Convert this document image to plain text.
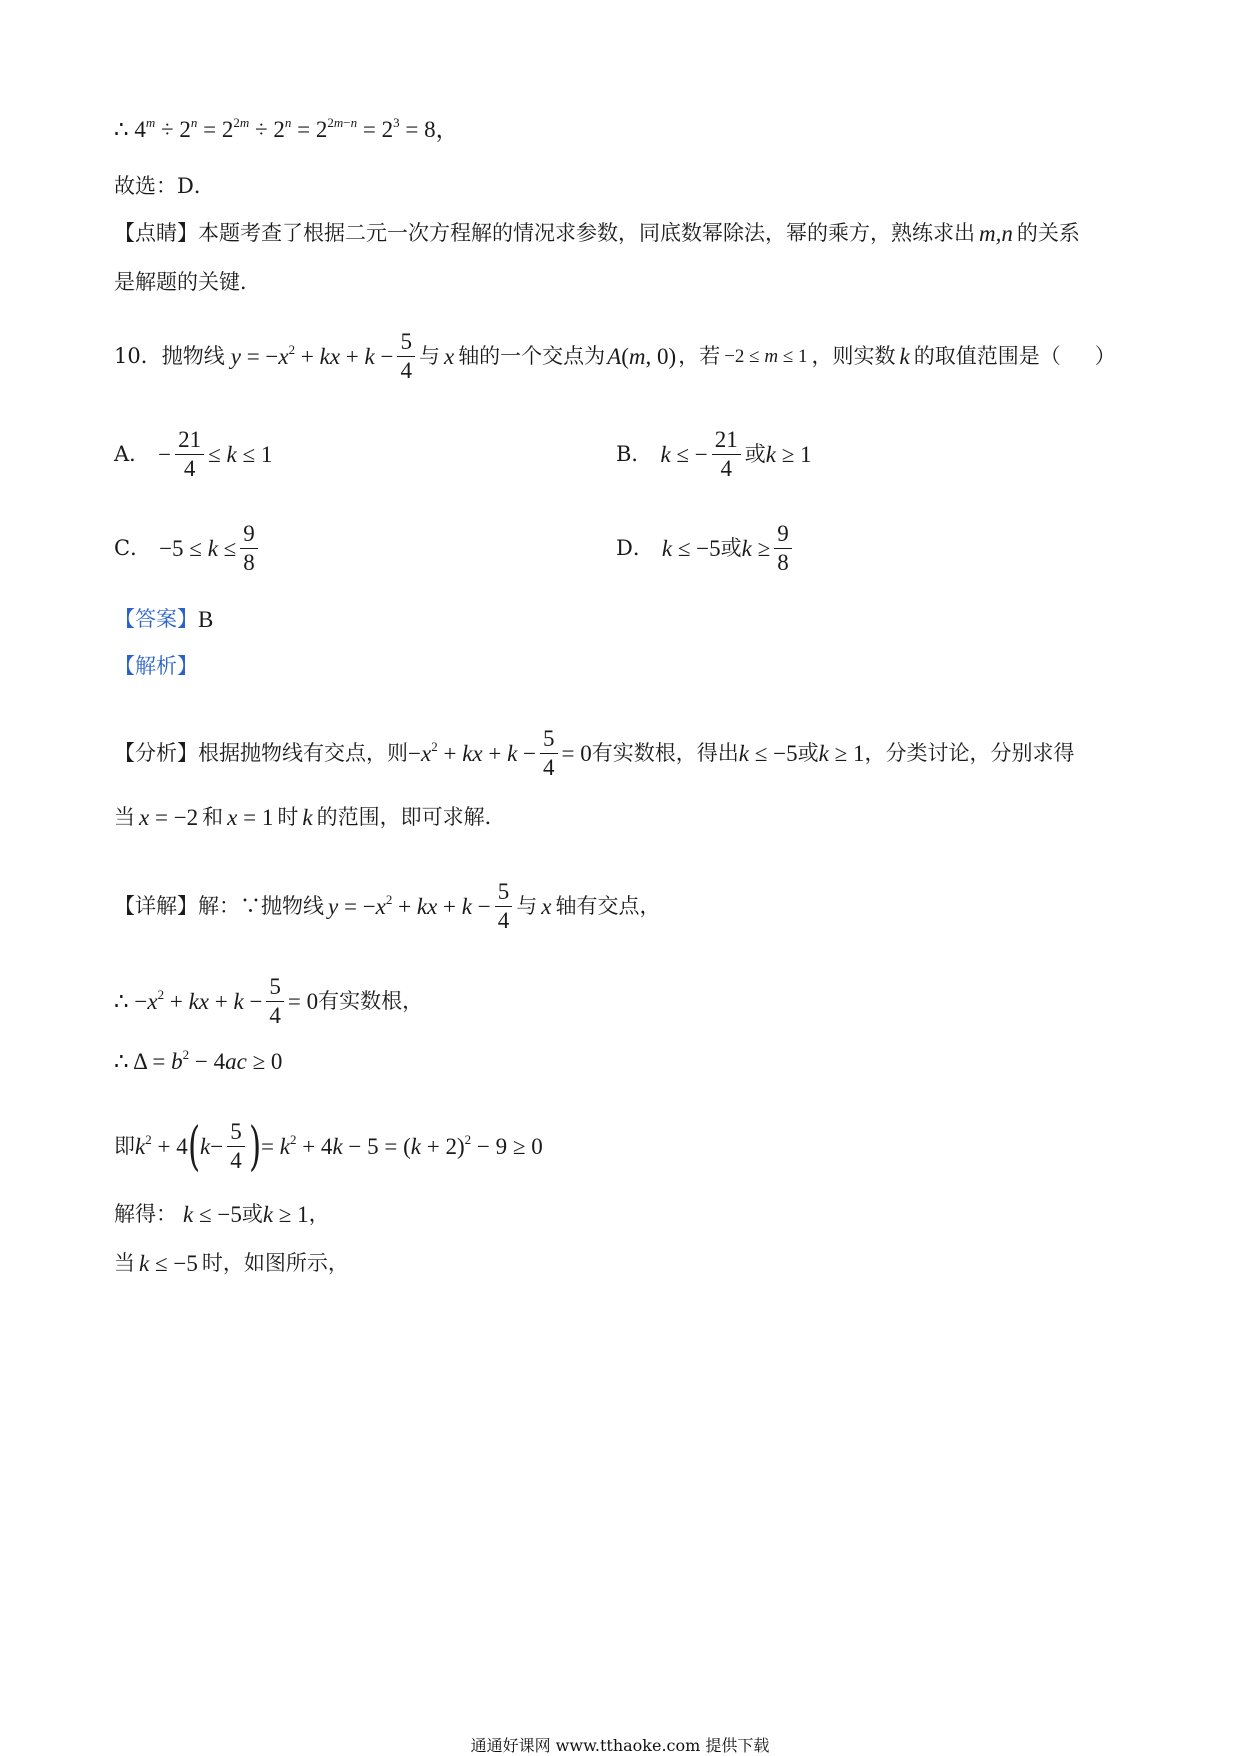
∴ $4^m \div 2^n = 2^{2m} \div 2^n = 2^{2m-n} = 2^3 = 8$，
故选：D．
【点睛】本题考查了根据二元一次方程解的情况求参数，同底数幂除法，幂的乘方，熟练求出 m,n 的关系
是解题的关键．
10． 抛物线 $y = -x^2$ + kx + $k - \frac{5}{4}$ 与 x 轴的一个交点为 A(m, 0) ，若 −2 ≤ m ≤ 1 ，则实数 k 的取值范围是（ ）
A． − $\frac{21}{4} \le k \le 1$	B． k ≤ − $\frac{21}{4}$ 或 k ≥ 1
C． $-5 \le k \le \frac{9}{8}$	D． k ≤ −5 或 $k \ge \frac{9}{8}$
【答案】 B
【解析】
【分析】 根据抛物线有交点，则 $-x^2$ + kx + $k - \frac{5}{4} = 0$ 有实数根，得出 k ≤ −5 或 k ≥ 1 ，分类讨论，分别求得
当 x = −2 和 x = 1 时 k 的范围，即可求解．
【详解】 解：∵抛物线 $y = -x^2$ + kx + $k - \frac{5}{4}$ 与 x 轴有交点，
∴ $-x^2$ + kx + $k - \frac{5}{4} = 0$ 有实数根，
∴ $\Delta = b^2 - 4ac \ge 0$
即 $k^2 + 4$ ( $k - \frac{5}{4}$ ) = $k^2 + 4k - 5 = (k + 2)^2 - 9 \ge 0$
解得： k ≤ −5 或 k ≥ 1 ，
当 k ≤ −5 时，如图所示，
通通好课网 www.tthaoke.com 提供下载
